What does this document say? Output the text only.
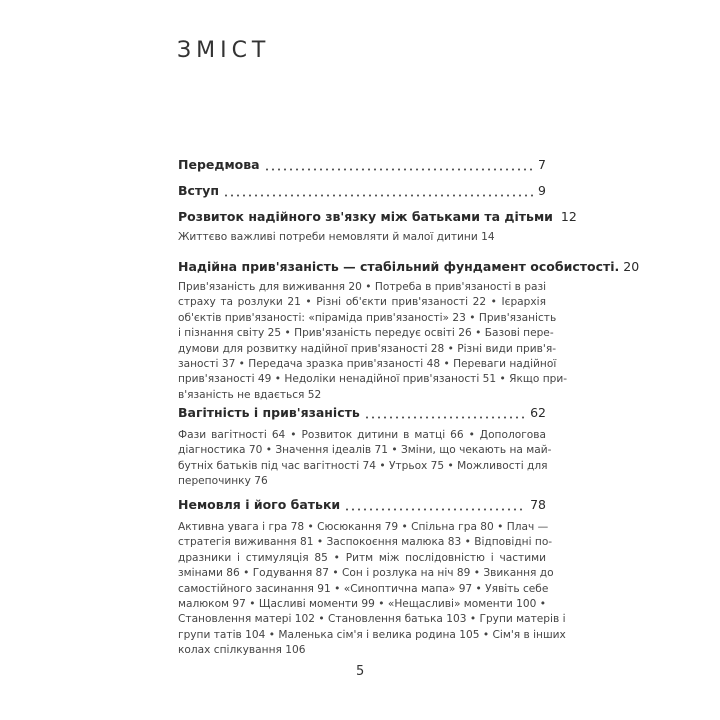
ЗМІСТ
Передмова	7
Вступ	9
Розвиток надійного зв'язку між батьками та дітьми 12
Життєво важливі потреби немовляти й малої дитини 14
Надійна прив'язаність — стабільний фундамент особистості. 20
Прив'язаність для виживання 20 • Потреба в прив'язаності в разі
страху та розлуки 21 • Різні об'єкти прив'язаності 22 • Ієрархія
об'єктів прив'язаності: «піраміда прив'язаності» 23 • Прив'язаність
і пізнання світу 25 • Прив'язаність передує освіті 26 • Базові пере-
думови для розвитку надійної прив'язаності 28 • Різні види прив'я-
заності 37 • Передача зразка прив'язаності 48 • Переваги надійної
прив'язаності 49 • Недоліки ненадійної прив'язаності 51 • Якщо при-
в'язаність не вдається 52
Вагітність і прив'язаність	62
Фази вагітності 64 • Розвиток дитини в матці 66 • Допологова
діагностика 70 • Значення ідеалів 71 • Зміни, що чекають на май-
бутніх батьків під час вагітності 74 • Утрьох 75 • Можливості для
перепочинку 76
Немовля і його батьки	78
Активна увага і гра 78 • Сюсюкання 79 • Спільна гра 80 • Плач —
стратегія виживання 81 • Заспокоєння малюка 83 • Відповідні по-
дразники і стимуляція 85 • Ритм між послідовністю і частими
змінами 86 • Годування 87 • Сон і розлука на ніч 89 • Звикання до
самостійного засинання 91 • «Синоптична мапа» 97 • Уявіть себе
малюком 97 • Щасливі моменти 99 • «Нещасливі» моменти 100 •
Становлення матері 102 • Становлення батька 103 • Групи матерів і
групи татів 104 • Маленька сім'я і велика родина 105 • Сім'я в інших
колах спілкування 106
5
